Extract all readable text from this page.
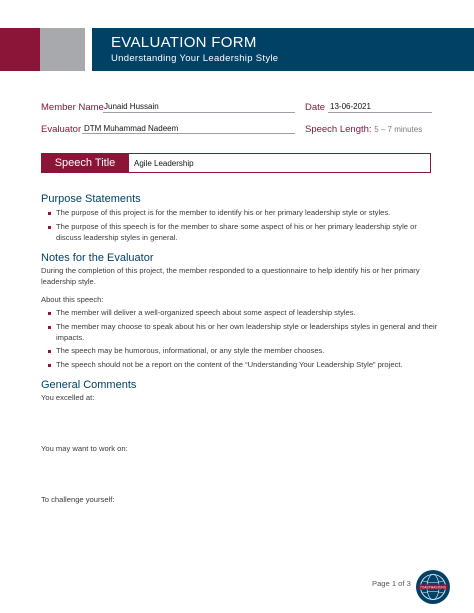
EVALUATION FORM
Understanding Your Leadership Style
Member Name Junaid Hussain	Date 13-06-2021
Evaluator DTM Muhammad Nadeem	Speech Length: 5 – 7 minutes
Speech Title	Agile Leadership
Purpose Statements
The purpose of this project is for the member to identify his or her primary leadership style or styles.
The purpose of this speech is for the member to share some aspect of his or her primary leadership style or discuss leadership styles in general.
Notes for the Evaluator
During the completion of this project, the member responded to a questionnaire to help identify his or her primary leadership style.
About this speech:
The member will deliver a well-organized speech about some aspect of leadership styles.
The member may choose to speak about his or her own leadership style or leaderships styles in general and their impacts.
The speech may be humorous, informational, or any style the member chooses.
The speech should not be a report on the content of the “Understanding Your Leadership Style” project.
General Comments
You excelled at:
You may want to work on:
To challenge yourself:
Page 1 of 3	TOASTMASTERS
